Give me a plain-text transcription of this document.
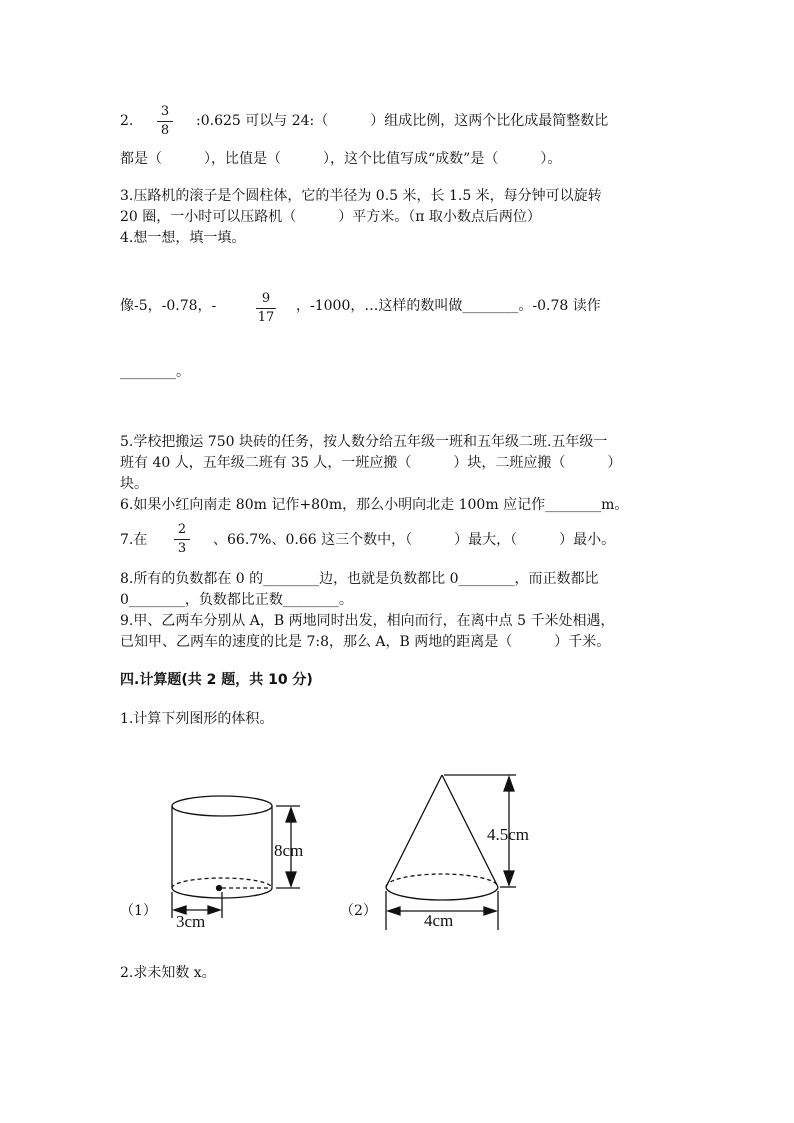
2.
3
8
:0.625 可以与 24:（　　　）组成比例，这两个比化成最简整数比
都是（　　　），比值是（　　　），这个比值写成“成数”是（　　　）。
3.压路机的滚子是个圆柱体，它的半径为 0.5 米，长 1.5 米，每分钟可以旋转
20 圈，一小时可以压路机（　　　）平方米。（π 取小数点后两位）
4.想一想，填一填。
像-5，-0.78，-	9
17
，-1000，…这样的数叫做________。-0.78 读作
________。
5.学校把搬运 750 块砖的任务，按人数分给五年级一班和五年级二班.五年级一
班有 40 人，五年级二班有 35 人，一班应搬（　　　）块，二班应搬（　　　）
块。
6.如果小红向南走 80m 记作+80m，那么小明向北走 100m 应记作________m。
7.在
2
3
、66.7%、0.66 这三个数中，（　　　）最大，（　　　）最小。
8.所有的负数都在 0 的________边，也就是负数都比 0________，而正数都比
0________，负数都比正数________。
9.甲、乙两车分别从 A，B 两地同时出发，相向而行，在离中点 5 千米处相遇，
已知甲、乙两车的速度的比是 7:8，那么 A，B 两地的距离是（　　　）千米。
四.计算题(共 2 题，共 10 分)
1.计算下列图形的体积。
（1）
8cm
3cm
（2）
4.5cm
4cm
2.求未知数 x。
